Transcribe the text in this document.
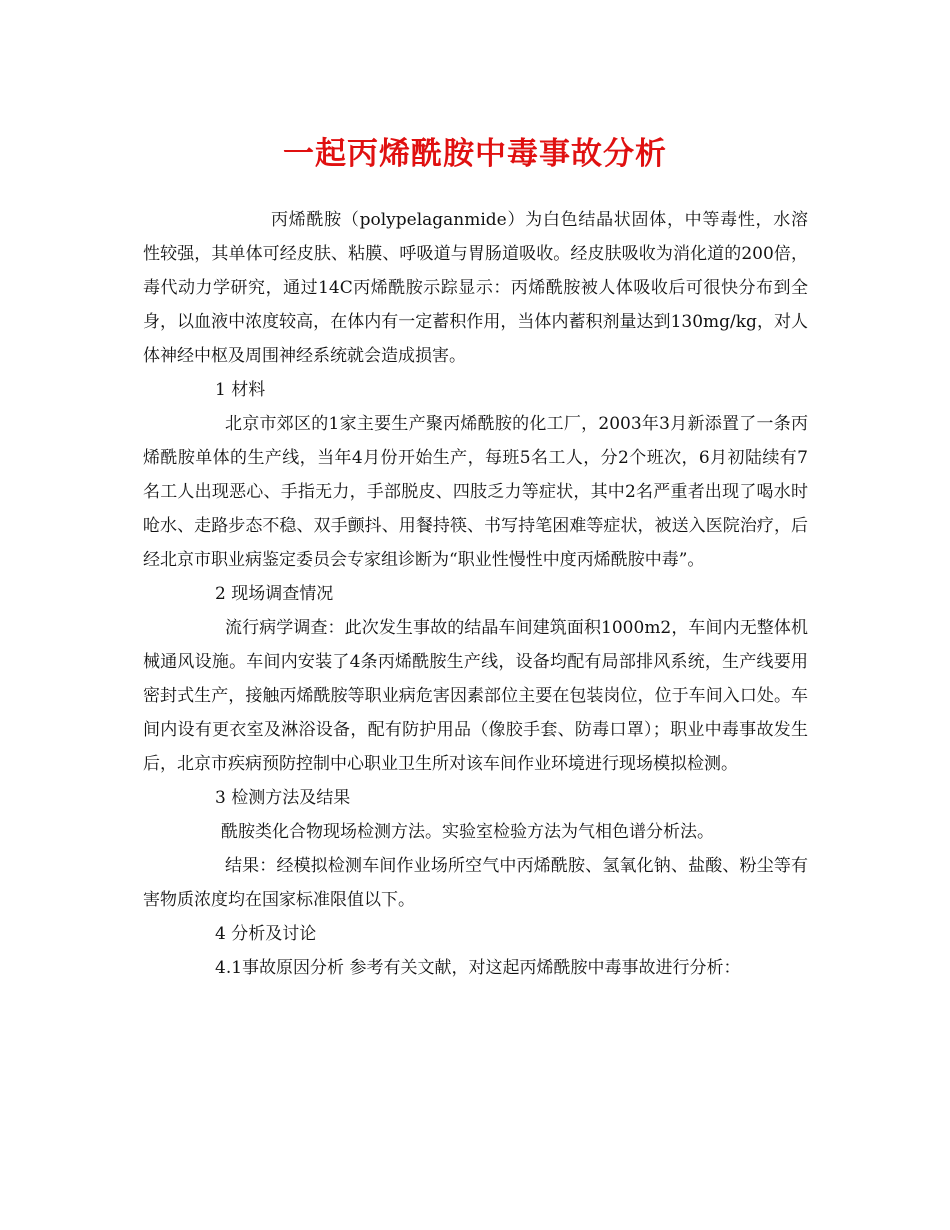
一起丙烯酰胺中毒事故分析

丙烯酰胺（polypelaganmide）为白色结晶状固体，中等毒性，水溶性较强，其单体可经皮肤、粘膜、呼吸道与胃肠道吸收。经皮肤吸收为消化道的200倍，毒代动力学研究，通过14C丙烯酰胺示踪显示：丙烯酰胺被人体吸收后可很快分布到全身，以血液中浓度较高，在体内有一定蓄积作用，当体内蓄积剂量达到130mg/kg，对人体神经中枢及周围神经系统就会造成损害。

1 材料

北京市郊区的1家主要生产聚丙烯酰胺的化工厂，2003年3月新添置了一条丙烯酰胺单体的生产线，当年4月份开始生产，每班5名工人，分2个班次，6月初陆续有7名工人出现恶心、手指无力，手部脱皮、四肢乏力等症状，其中2名严重者出现了喝水时呛水、走路步态不稳、双手颤抖、用餐持筷、书写持笔困难等症状，被送入医院治疗，后经北京市职业病鉴定委员会专家组诊断为“职业性慢性中度丙烯酰胺中毒”。

2 现场调查情况

流行病学调查：此次发生事故的结晶车间建筑面积1000m2，车间内无整体机械通风设施。车间内安装了4条丙烯酰胺生产线，设备均配有局部排风系统，生产线要用密封式生产，接触丙烯酰胺等职业病危害因素部位主要在包装岗位，位于车间入口处。车间内设有更衣室及淋浴设备，配有防护用品（像胶手套、防毒口罩）；职业中毒事故发生后，北京市疾病预防控制中心职业卫生所对该车间作业环境进行现场模拟检测。

3 检测方法及结果

酰胺类化合物现场检测方法。实验室检验方法为气相色谱分析法。

结果：经模拟检测车间作业场所空气中丙烯酰胺、氢氧化钠、盐酸、粉尘等有害物质浓度均在国家标准限值以下。

4 分析及讨论

4.1事故原因分析 参考有关文献，对这起丙烯酰胺中毒事故进行分析：
